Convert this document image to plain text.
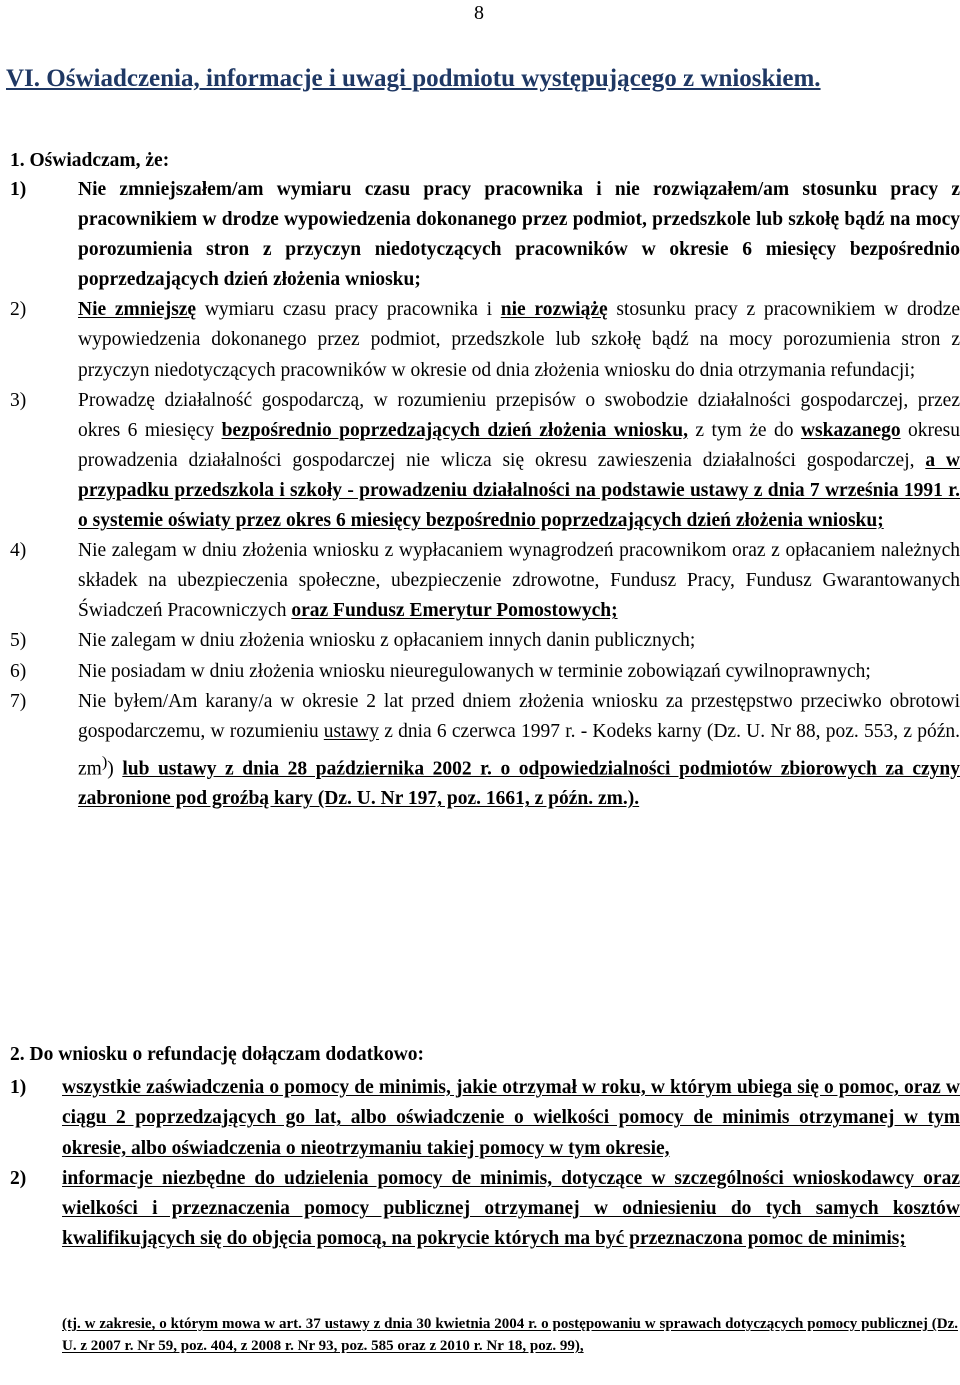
8
VI. Oświadczenia, informacje i uwagi podmiotu występującego z wnioskiem.
1. Oświadczam, że:
1)	Nie zmniejszałem/am wymiaru czasu pracy pracownika i nie rozwiązałem/am stosunku pracy z pracownikiem w drodze wypowiedzenia dokonanego przez podmiot, przedszkole lub szkołę bądź na mocy porozumienia stron z przyczyn niedotyczących pracowników w okresie 6 miesięcy bezpośrednio poprzedzających dzień złożenia wniosku;
2)	Nie zmniejszę wymiaru czasu pracy pracownika i nie rozwiążę stosunku pracy z pracownikiem w drodze wypowiedzenia dokonanego przez podmiot, przedszkole lub szkołę bądź na mocy porozumienia stron z przyczyn niedotyczących pracowników w okresie od dnia złożenia wniosku do dnia otrzymania refundacji;
3)	Prowadzę działalność gospodarczą, w rozumieniu przepisów o swobodzie działalności gospodarczej, przez okres 6 miesięcy bezpośrednio poprzedzających dzień złożenia wniosku, z tym że do wskazanego okresu prowadzenia działalności gospodarczej nie wlicza się okresu zawieszenia działalności gospodarczej, a w przypadku przedszkola i szkoły - prowadzeniu działalności na podstawie ustawy z dnia 7 września 1991 r. o systemie oświaty przez okres 6 miesięcy bezpośrednio poprzedzających dzień złożenia wniosku;
4)	Nie zalegam w dniu złożenia wniosku z wypłacaniem wynagrodzeń pracownikom oraz z opłacaniem należnych składek na ubezpieczenia społeczne, ubezpieczenie zdrowotne, Fundusz Pracy, Fundusz Gwarantowanych Świadczeń Pracowniczych oraz Fundusz Emerytur Pomostowych;
5)	Nie zalegam w dniu złożenia wniosku z opłacaniem innych danin publicznych;
6)	Nie posiadam w dniu złożenia wniosku nieuregulowanych w terminie zobowiązań cywilnoprawnych;
7)	Nie byłem/Am karany/a w okresie 2 lat przed dniem złożenia wniosku za przestępstwo przeciwko obrotowi gospodarczemu, w rozumieniu ustawy z dnia 6 czerwca 1997 r. - Kodeks karny (Dz. U. Nr 88, poz. 553, z późn. zm)) lub ustawy z dnia 28 października 2002 r. o odpowiedzialności podmiotów zbiorowych za czyny zabronione pod groźbą kary (Dz. U. Nr 197, poz. 1661, z późn. zm.).
2. Do wniosku o refundację dołączam dodatkowo:
1)	wszystkie zaświadczenia o pomocy de minimis, jakie otrzymał w roku, w którym ubiega się o pomoc, oraz w ciągu 2 poprzedzających go lat, albo oświadczenie o wielkości pomocy de minimis otrzymanej w tym okresie, albo oświadczenia o nieotrzymaniu takiej pomocy w tym okresie,
2)	informacje niezbędne do udzielenia pomocy de minimis, dotyczące w szczególności wnioskodawcy oraz wielkości i przeznaczenia pomocy publicznej otrzymanej w odniesieniu do tych samych kosztów kwalifikujących się do objęcia pomocą, na pokrycie których ma być przeznaczona pomoc de minimis;
(tj. w zakresie, o którym mowa w art. 37 ustawy z dnia 30 kwietnia 2004 r. o postępowaniu w sprawach dotyczących pomocy publicznej (Dz. U. z 2007 r. Nr 59, poz. 404, z 2008 r. Nr 93, poz. 585 oraz z 2010 r. Nr 18, poz. 99),
